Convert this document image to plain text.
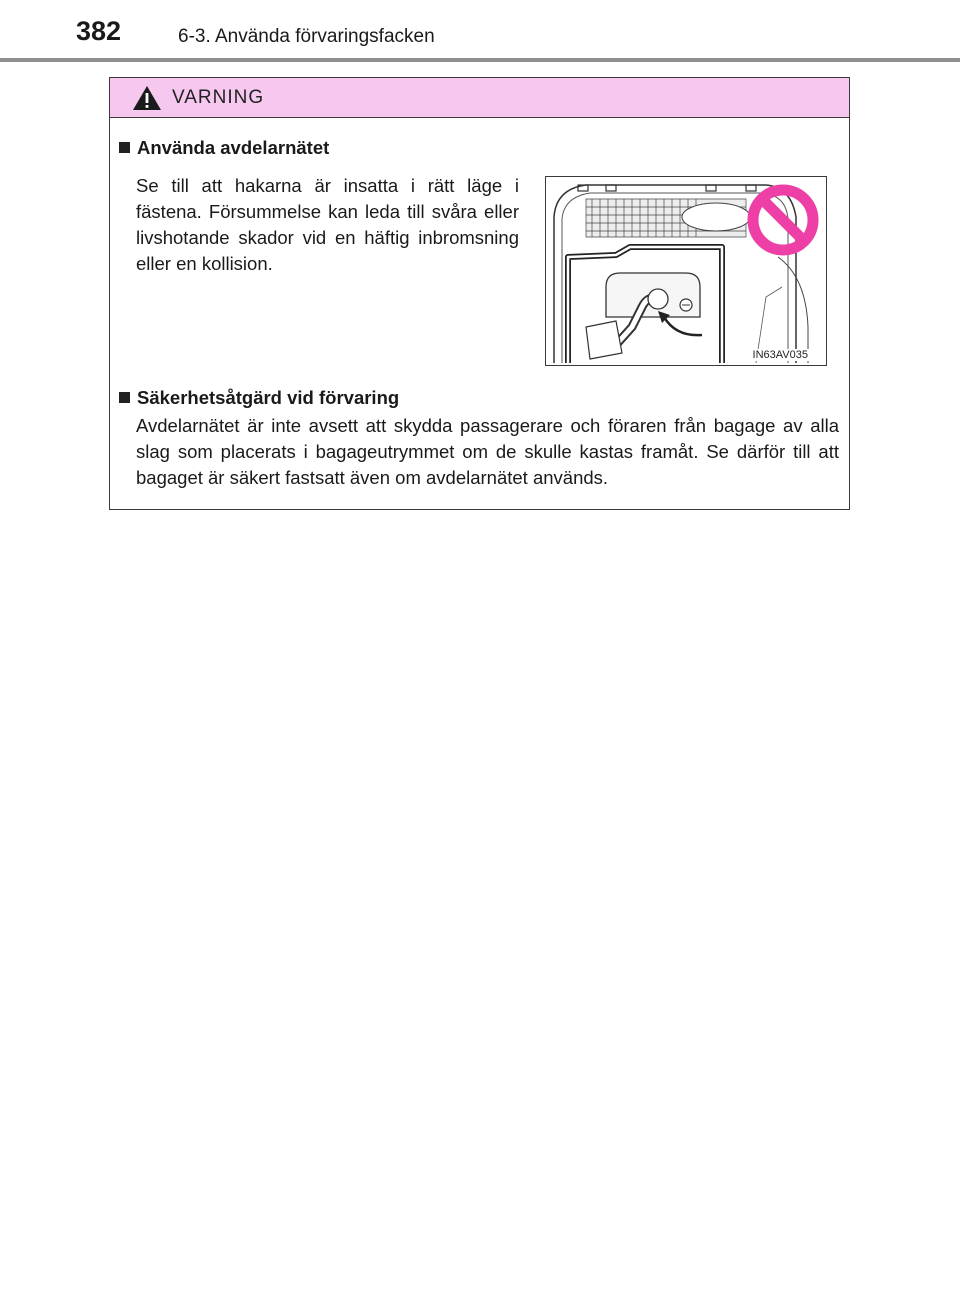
382	6-3. Använda förvaringsfacken
VARNING
Använda avdelarnätet
Se till att hakarna är insatta i rätt läge i fästena. Försummelse kan leda till svåra eller livshotande skador vid en häftig inbromsning eller en kollision.
IN63AV035
Säkerhetsåtgärd vid förvaring
Avdelarnätet är inte avsett att skydda passagerare och föraren från bagage av alla slag som placerats i bagageutrymmet om de skulle kastas framåt. Se därför till att bagaget är säkert fastsatt även om avdelarnätet används.
